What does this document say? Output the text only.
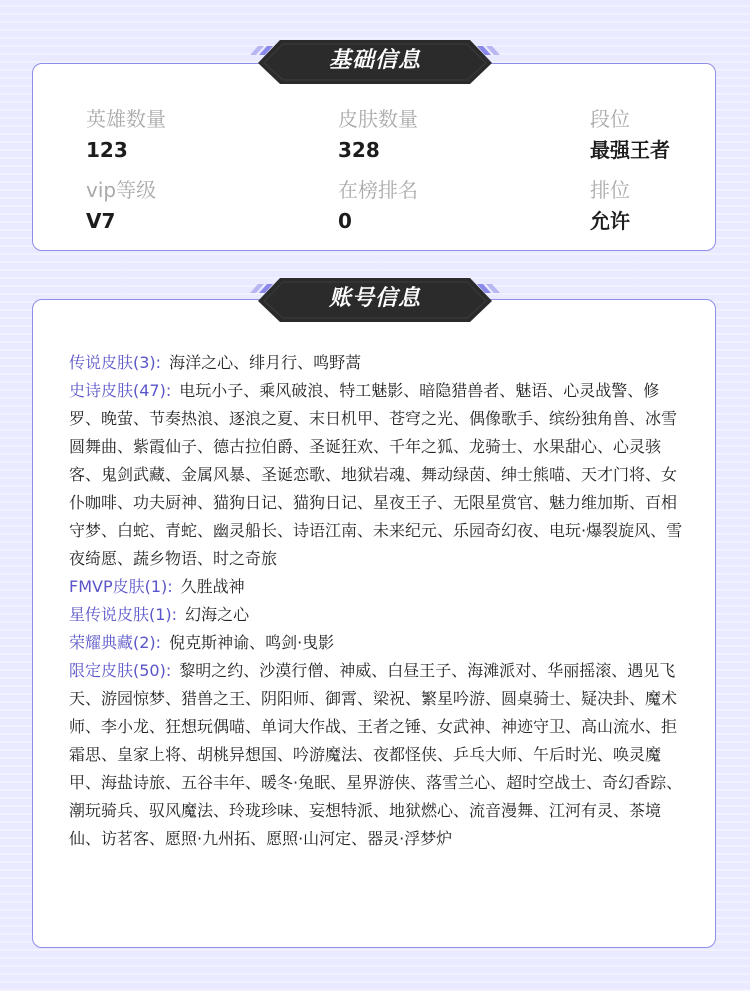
英雄数量
123
皮肤数量
328
段位
最强王者
vip等级
V7
在榜排名
0
排位
允许
基础信息

传说皮肤(3): 海洋之心、绯月行、鸣野蒿

史诗皮肤(47): 电玩小子、乘风破浪、特工魅影、暗隐猎兽者、魅语、心灵战警、修罗、晚萤、节奏热浪、逐浪之夏、末日机甲、苍穹之光、偶像歌手、缤纷独角兽、冰雪圆舞曲、紫霞仙子、德古拉伯爵、圣诞狂欢、千年之狐、龙骑士、水果甜心、心灵骇客、鬼剑武藏、金属风暴、圣诞恋歌、地狱岩魂、舞动绿茵、绅士熊喵、天才门将、女仆咖啡、功夫厨神、猫狗日记、猫狗日记、星夜王子、无限星赏官、魅力维加斯、百相守梦、白蛇、青蛇、幽灵船长、诗语江南、未来纪元、乐园奇幻夜、电玩·爆裂旋风、雪夜绮愿、蔬乡物语、时之奇旅

FMVP皮肤(1): 久胜战神

星传说皮肤(1): 幻海之心

荣耀典藏(2): 倪克斯神谕、鸣剑·曳影

限定皮肤(50): 黎明之约、沙漠行僧、神威、白昼王子、海滩派对、华丽摇滚、遇见飞天、游园惊梦、猎兽之王、阴阳师、御霄、梁祝、繁星吟游、圆桌骑士、疑决卦、魔术师、李小龙、狂想玩偶喵、单词大作战、王者之锤、女武神、神迹守卫、高山流水、拒霜思、皇家上将、胡桃异想国、吟游魔法、夜都怪侠、乒乓大师、午后时光、唤灵魔甲、海盐诗旅、五谷丰年、暖冬·兔眠、星界游侠、落雪兰心、超时空战士、奇幻香踪、潮玩骑兵、驭风魔法、玲珑珍味、妄想特派、地狱燃心、流音漫舞、江河有灵、茶境仙、访茗客、愿照·九州拓、愿照·山河定、器灵·浮梦炉

账号信息
